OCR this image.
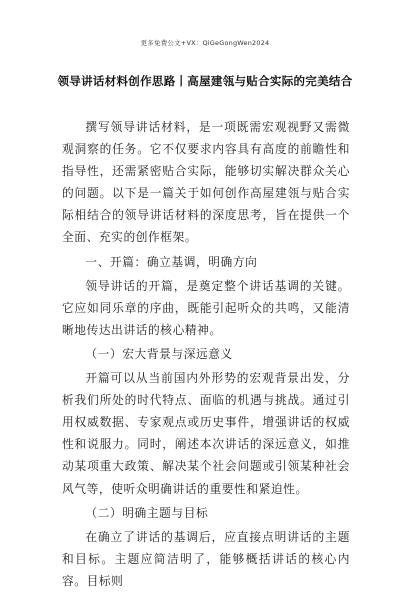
更多免费公文+VX：QiGeGongWen2024
领导讲话材料创作思路丨高屋建瓴与贴合实际的完美结合

撰写领导讲话材料，是一项既需宏观视野又需微观洞察的任务。它不仅要求内容具有高度的前瞻性和指导性，还需紧密贴合实际，能够切实解决群众关心的问题。以下是一篇关于如何创作高屋建瓴与贴合实际相结合的领导讲话材料的深度思考，旨在提供一个全面、充实的创作框架。

一、开篇：确立基调，明确方向

领导讲话的开篇，是奠定整个讲话基调的关键。它应如同乐章的序曲，既能引起听众的共鸣，又能清晰地传达出讲话的核心精神。

（一）宏大背景与深远意义

开篇可以从当前国内外形势的宏观背景出发，分析我们所处的时代特点、面临的机遇与挑战。通过引用权威数据、专家观点或历史事件，增强讲话的权威性和说服力。同时，阐述本次讲话的深远意义，如推动某项重大政策、解决某个社会问题或引领某种社会风气等，使听众明确讲话的重要性和紧迫性。

（二）明确主题与目标

在确立了讲话的基调后，应直接点明讲话的主题和目标。主题应简洁明了，能够概括讲话的核心内容。目标则
